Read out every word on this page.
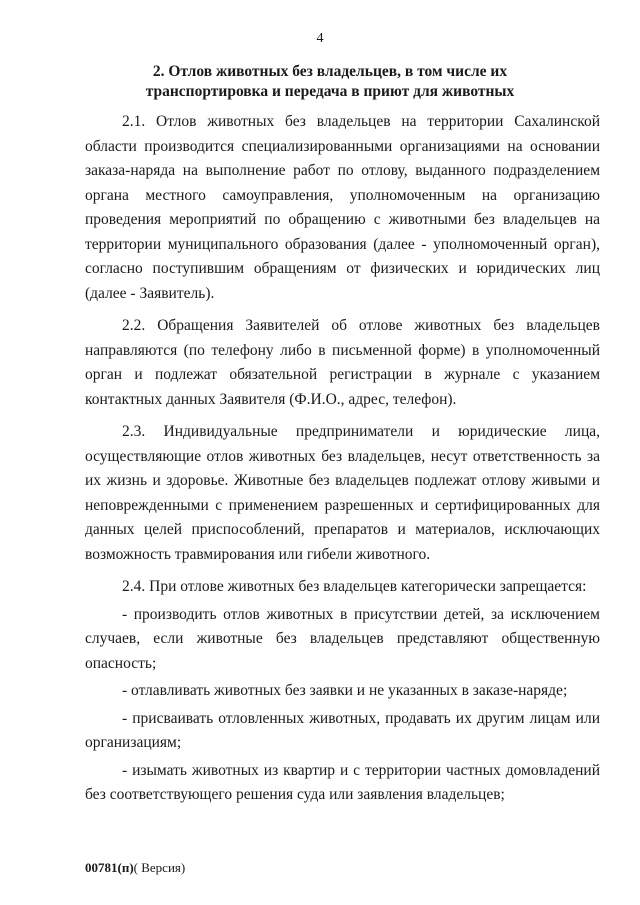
4
2. Отлов животных без владельцев, в том числе их
транспортировка и передача в приют для животных

2.1. Отлов животных без владельцев на территории Сахалинской области производится специализированными организациями на основании заказа-наряда на выполнение работ по отлову, выданного подразделением органа местного самоуправления, уполномоченным на организацию проведения мероприятий по обращению с животными без владельцев на территории муниципального образования (далее - уполномоченный орган), согласно поступившим обращениям от физических и юридических лиц (далее - Заявитель).

2.2. Обращения Заявителей об отлове животных без владельцев направляются (по телефону либо в письменной форме) в уполномоченный орган и подлежат обязательной регистрации в журнале с указанием контактных данных Заявителя (Ф.И.О., адрес, телефон).

2.3. Индивидуальные предприниматели и юридические лица, осуществляющие отлов животных без владельцев, несут ответственность за их жизнь и здоровье. Животные без владельцев подлежат отлову живыми и неповрежденными с применением разрешенных и сертифицированных для данных целей приспособлений, препаратов и материалов, исключающих возможность травмирования или гибели животного.

2.4. При отлове животных без владельцев категорически запрещается:

- производить отлов животных в присутствии детей, за исключением случаев, если животные без владельцев представляют общественную опасность;

- отлавливать животных без заявки и не указанных в заказе-наряде;

- присваивать отловленных животных, продавать их другим лицам или организациям;

- изымать животных из квартир и с территории частных домовладений без соответствующего решения суда или заявления владельцев;

00781(п)( Версия)
